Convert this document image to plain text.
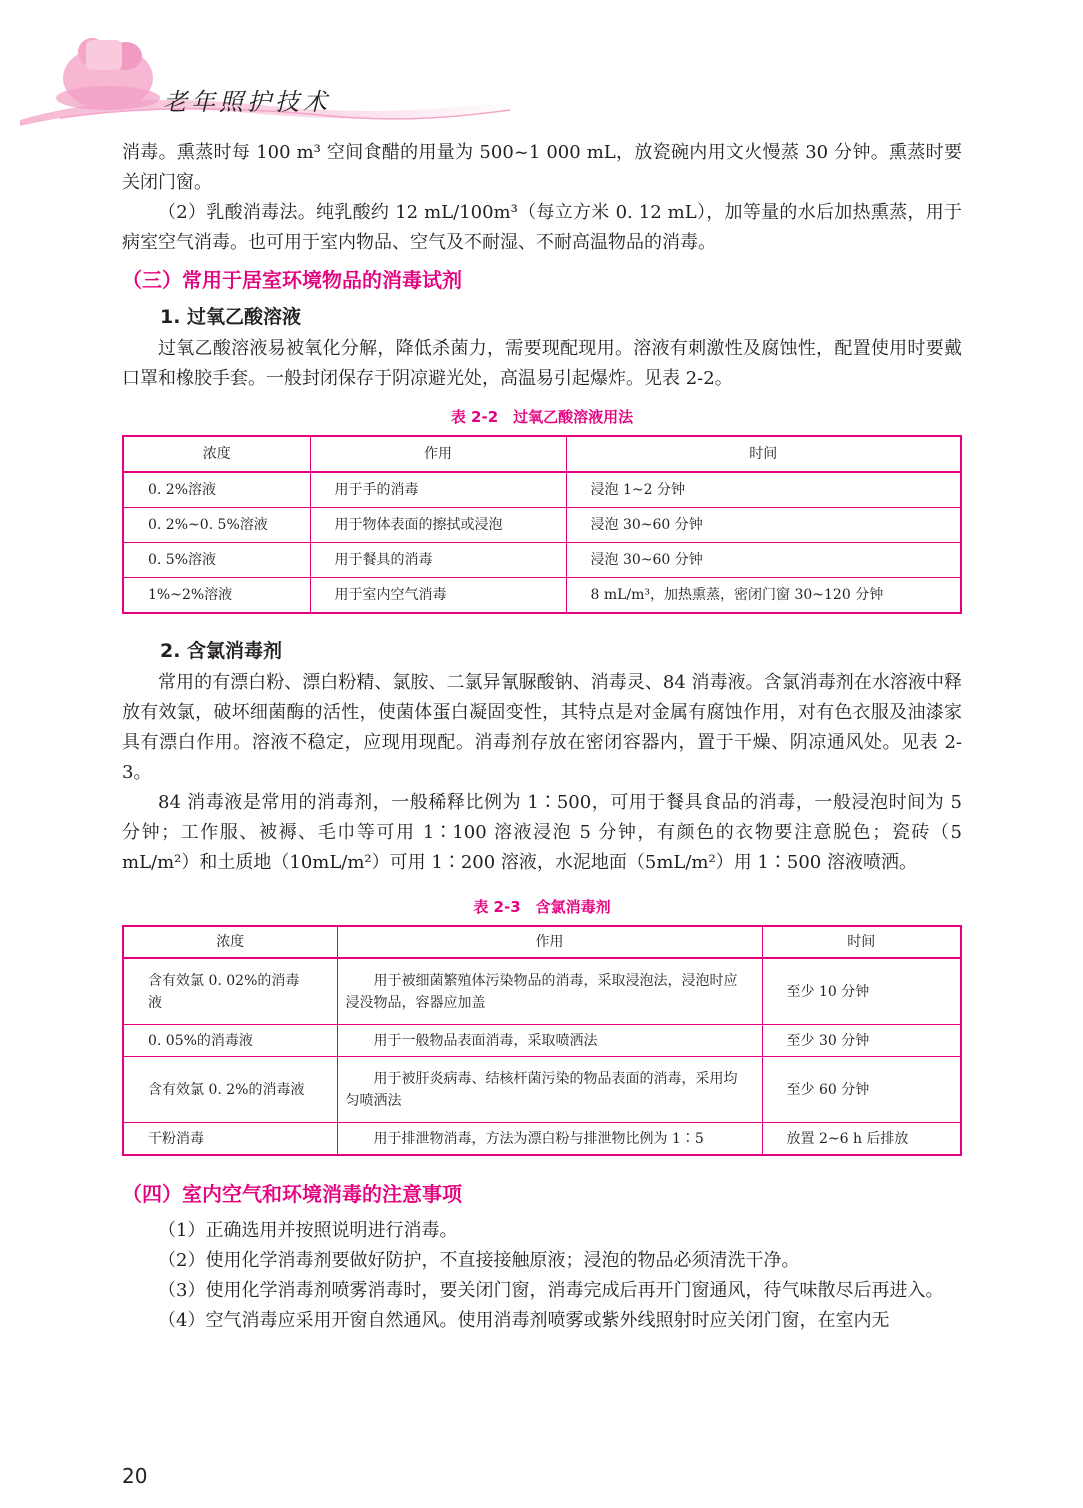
老年照护技术

消毒。熏蒸时每 100 m³ 空间食醋的用量为 500~1 000 mL，放瓷碗内用文火慢蒸 30 分钟。熏蒸时要关闭门窗。

（2）乳酸消毒法。纯乳酸约 12 mL/100m³（每立方米 0. 12 mL），加等量的水后加热熏蒸，用于病室空气消毒。也可用于室内物品、空气及不耐湿、不耐高温物品的消毒。

（三）常用于居室环境物品的消毒试剂
1. 过氧乙酸溶液

过氧乙酸溶液易被氧化分解，降低杀菌力，需要现配现用。溶液有刺激性及腐蚀性，配置使用时要戴口罩和橡胶手套。一般封闭保存于阴凉避光处，高温易引起爆炸。见表 2-2。

表 2-2　过氧乙酸溶液用法
浓度	作用	时间
0. 2%溶液	用于手的消毒	浸泡 1~2 分钟
0. 2%~0. 5%溶液	用于物体表面的擦拭或浸泡	浸泡 30~60 分钟
0. 5%溶液	用于餐具的消毒	浸泡 30~60 分钟
1%~2%溶液	用于室内空气消毒	8 mL/m³，加热熏蒸，密闭门窗 30~120 分钟
2. 含氯消毒剂

常用的有漂白粉、漂白粉精、氯胺、二氯异氰脲酸钠、消毒灵、84 消毒液。含氯消毒剂在水溶液中释放有效氯，破坏细菌酶的活性，使菌体蛋白凝固变性，其特点是对金属有腐蚀作用，对有色衣服及油漆家具有漂白作用。溶液不稳定，应现用现配。消毒剂存放在密闭容器内，置于干燥、阴凉通风处。见表 2-3。

84 消毒液是常用的消毒剂，一般稀释比例为 1∶500，可用于餐具食品的消毒，一般浸泡时间为 5 分钟；工作服、被褥、毛巾等可用 1∶100 溶液浸泡 5 分钟，有颜色的衣物要注意脱色；瓷砖（5 mL/m²）和土质地（10mL/m²）可用 1∶200 溶液，水泥地面（5mL/m²）用 1∶500 溶液喷洒。

表 2-3　含氯消毒剂
浓度	作用	时间
含有效氯 0. 02%的消毒液	用于被细菌繁殖体污染物品的消毒，采取浸泡法，浸泡时应浸没物品，容器应加盖	至少 10 分钟
0. 05%的消毒液	用于一般物品表面消毒，采取喷洒法	至少 30 分钟
含有效氯 0. 2%的消毒液	用于被肝炎病毒、结核杆菌污染的物品表面的消毒，采用均匀喷洒法	至少 60 分钟
干粉消毒	用于排泄物消毒，方法为漂白粉与排泄物比例为 1∶5	放置 2~6 h 后排放
（四）室内空气和环境消毒的注意事项

（1）正确选用并按照说明进行消毒。

（2）使用化学消毒剂要做好防护，不直接接触原液；浸泡的物品必须清洗干净。

（3）使用化学消毒剂喷雾消毒时，要关闭门窗，消毒完成后再开门窗通风，待气味散尽后再进入。

（4）空气消毒应采用开窗自然通风。使用消毒剂喷雾或紫外线照射时应关闭门窗，在室内无

20
